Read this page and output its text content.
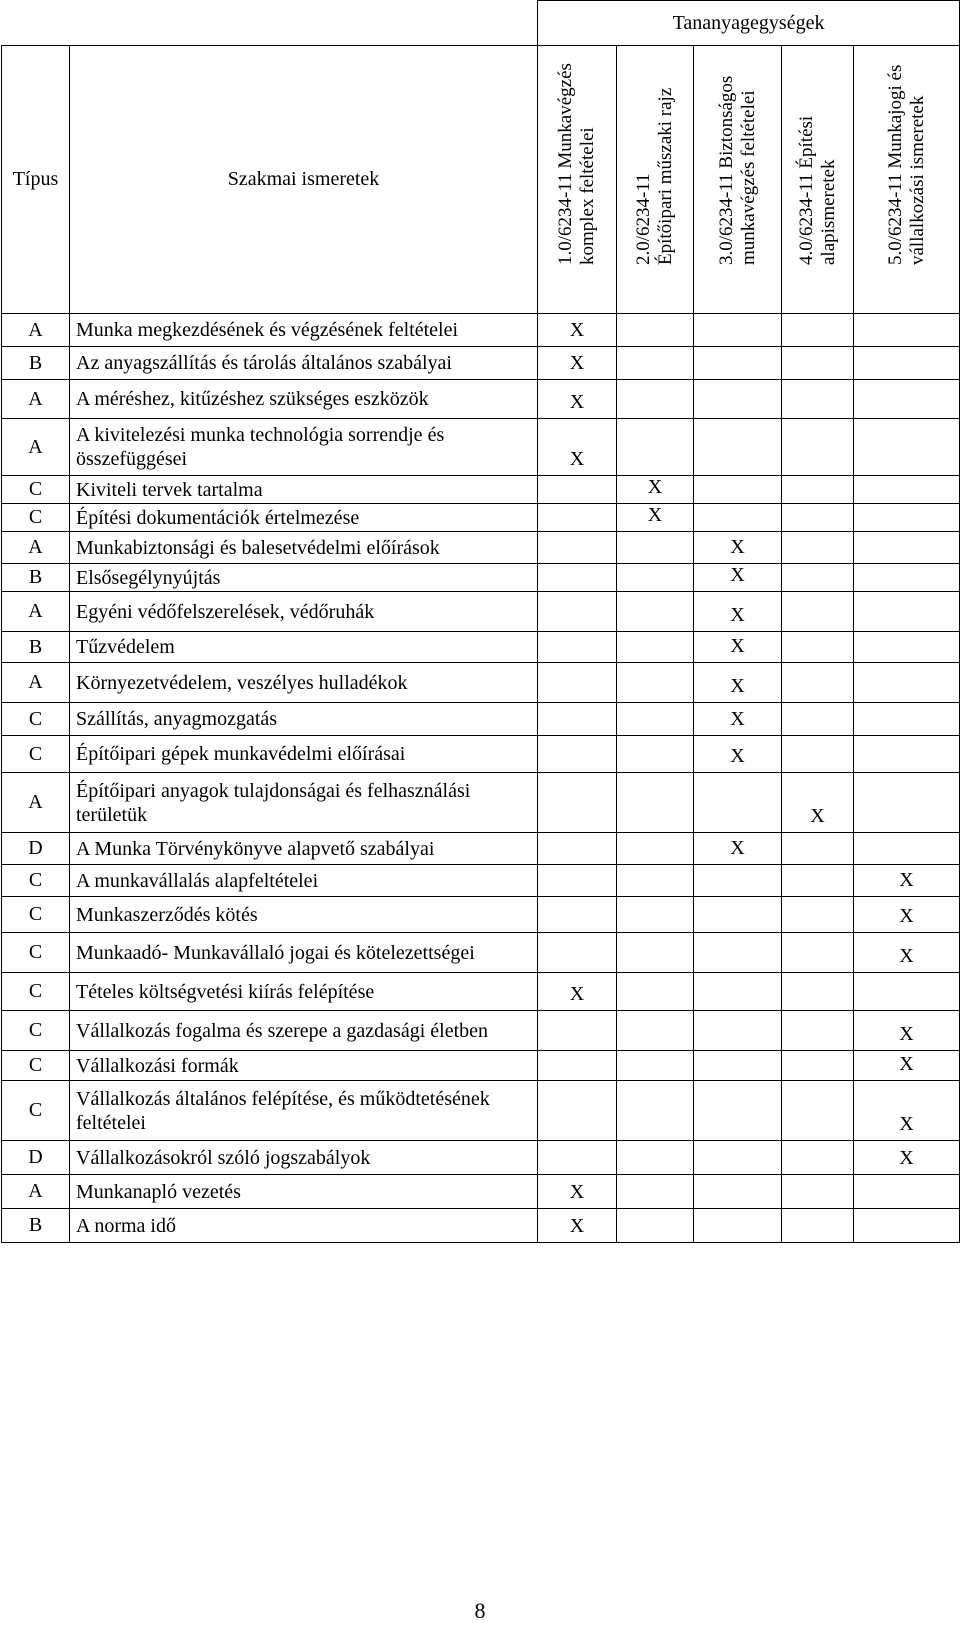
		Tananyagegységek				
Típus	Szakmai ismeretek	1.0/6234-11 Munkavégzés komplex feltételei	2.0/6234-11 Építőipari műszaki rajz	3.0/6234-11 Biztonságos munkavégzés feltételei	4.0/6234-11 Építési alapismeretek	5.0/6234-11 Munkajogi és vállalkozási ismeretek

A	Munka megkezdésének és végzésének feltételei	X				
B	Az anyagszállítás és tárolás általános szabályai	X				
A	A méréshez, kitűzéshez szükséges eszközök	X				
A	A kivitelezési munka technológia sorrendje és összefüggései	X				
C	Kiviteli tervek tartalma		X			
C	Építési dokumentációk értelmezése		X			
A	Munkabiztonsági és balesetvédelmi előírások			X		
B	Elsősegélynyújtás			X		
A	Egyéni védőfelszerelések, védőruhák			X		
B	Tűzvédelem			X		
A	Környezetvédelem, veszélyes hulladékok			X		
C	Szállítás, anyagmozgatás			X		
C	Építőipari gépek munkavédelmi előírásai			X		
A	Építőipari anyagok tulajdonságai és felhasználási területük				X	
D	A Munka Törvénykönyve alapvető szabályai			X		
C	A munkavállalás alapfeltételei					X
C	Munkaszerződés kötés					X
C	Munkaadó- Munkavállaló jogai és kötelezettségei					X
C	Tételes költségvetési kiírás felépítése	X				
C	Vállalkozás fogalma és szerepe a gazdasági életben					X
C	Vállalkozási formák					X
C	Vállalkozás általános felépítése, és működtetésének feltételei					X
D	Vállalkozásokról szóló jogszabályok					X
A	Munkanapló vezetés	X				
B	A norma idő	X				
8
